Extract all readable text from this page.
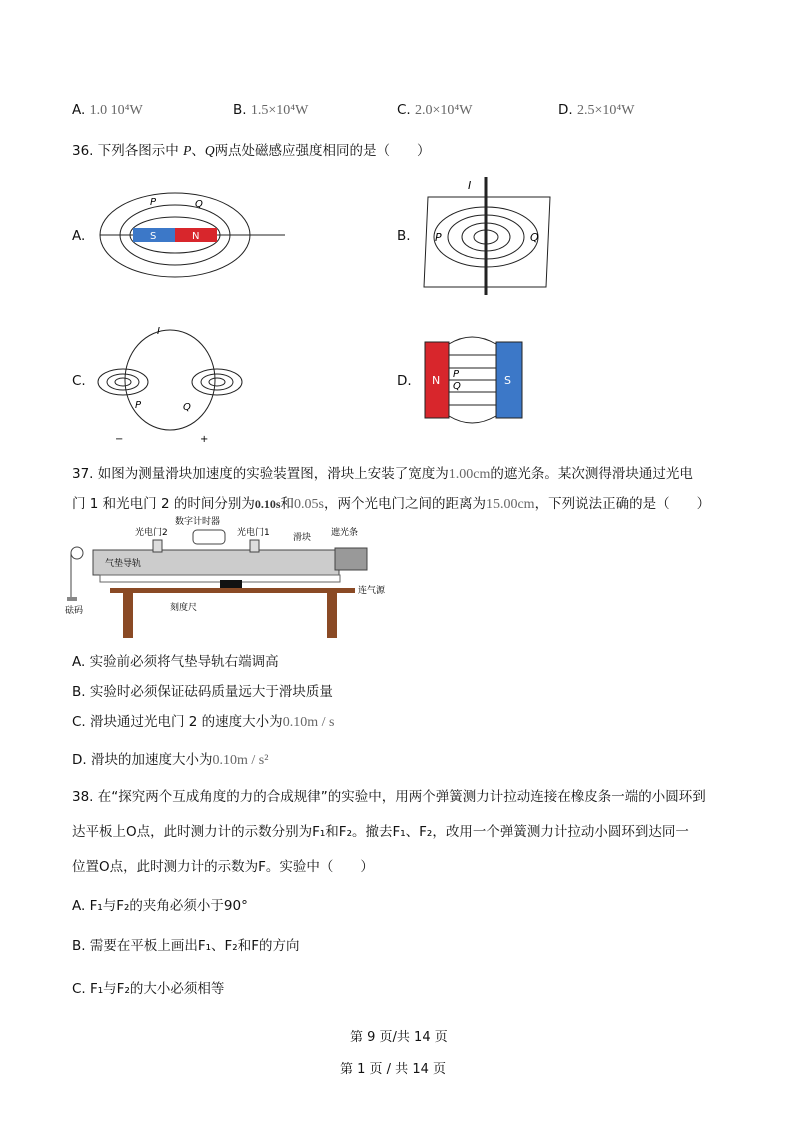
A. 1.0 10⁴W	B. 1.5×10⁴W	C. 2.0×10⁴W	D. 2.5×10⁴W
36. 下列各图示中 P、Q两点处磁感应强度相同的是（　　）
A.	S	N
P	Q
B.
I
P	Q
C.
I
P	Q
−	+
D. N	S
P
Q
37. 如图为测量滑块加速度的实验装置图，滑块上安装了宽度为1.00cm的遮光条。某次测得滑块通过光电
门 1 和光电门 2 的时间分别为0.10s和0.05s，两个光电门之间的距离为15.00cm，下列说法正确的是（　　）
数字计时器
光电门2	光电门1	滑块 遮光条
气垫导轨
刻度尺
砝码
连气源
A. 实验前必须将气垫导轨右端调高
B. 实验时必须保证砝码质量远大于滑块质量
C. 滑块通过光电门 2 的速度大小为0.10m / s
D. 滑块的加速度大小为0.10m / s²
38. 在“探究两个互成角度的力的合成规律”的实验中，用两个弹簧测力计拉动连接在橡皮条一端的小圆环到
达平板上O点，此时测力计的示数分别为F₁和F₂。撤去F₁、F₂，改用一个弹簧测力计拉动小圆环到达同一
位置O点，此时测力计的示数为F。实验中（　　）
A. F₁与F₂的夹角必须小于90°
B. 需要在平板上画出F₁、F₂和F的方向
C. F₁与F₂的大小必须相等
第 9 页/共 14 页
第 1 页 / 共 14 页
